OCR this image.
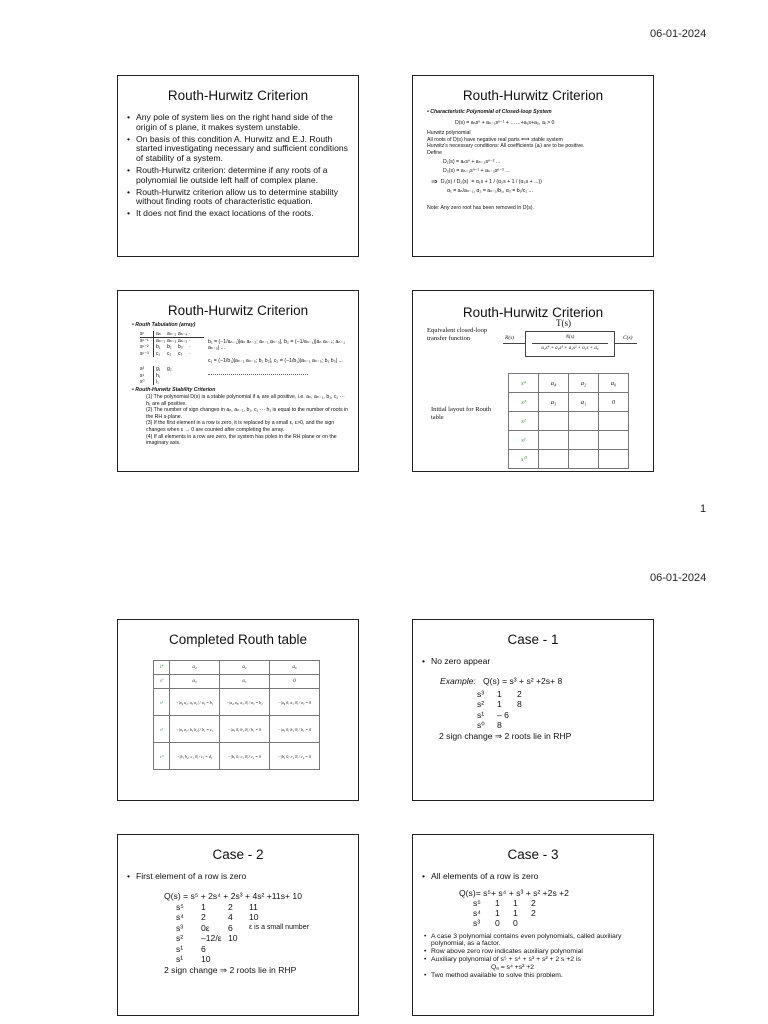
06-01-2024
Routh-Hurwitz Criterion
• Any pole of system lies on the right hand side of the origin of s plane, it makes system unstable.
• On basis of this condition A. Hurwitz and E.J. Routh started investigating necessary and sufficient conditions of stability of a system.
• Routh-Hurwitz criterion: determine if any roots of a polynomial lie outside left half of complex plane.
• Routh-Hurwitz criterion allow us to determine stability without finding roots of characteristic equation.
• It does not find the exact locations of the roots.
Routh-Hurwitz Criterion
• Characteristic Polynomial of Closed-loop System
D(s) = aₙsⁿ + aₙ₋₁sⁿ⁻¹ + ……+a₁s+a₀, aᵢ > 0
Hurwitz polynomial
All roots of D(s) have negative real parts ⟺ stable system
Hurwitz's necessary conditions: All coefficients (aᵢ) are to be positive.
Define
D₁(s) = aₙsⁿ + aₙ₋₂sⁿ⁻² ...
D₂(s) = aₙ₋₁sⁿ⁻¹ + aₙ₋₃sⁿ⁻³ ...
⇒ D₁(s) / D₂(s) = α₁s + 1 / (α₂s + 1 / (α₃s + ...))
α₁ = aₙ/aₙ₋₁, α₂ = aₙ₋₁/b₁, α₃ = b₁/c₁ ...
Note: Any zero root has been removed in D(s).
Routh-Hurwitz Criterion
• Routh Tabulation (array)
sⁿ	aₙ	aₙ₋₂ aₙ₋₄ ·
sⁿ⁻¹	aₙ₋₁ aₙ₋₃ aₙ₋₅ ·
sⁿ⁻²	b₁	b₂	b₃	·
sⁿ⁻³	c₁	c₂	c₃	·
s²	g₁	g₂
s¹	h₁
s⁰	i₁
b₁ = (−1/aₙ₋₁)|aₙ aₙ₋₂; aₙ₋₁ aₙ₋₃|, b₂ = (−1/aₙ₋₁)|aₙ aₙ₋₄; aₙ₋₁ aₙ₋₅| ...
c₁ = (−1/b₁)|aₙ₋₁ aₙ₋₃; b₁ b₂|, c₂ = (−1/b₁)|aₙ₋₁ aₙ₋₅; b₁ b₃| ...
• Routh-Hurwitz Stability Criterion
(1) The polynomial D(s) is a stable polynomial if aᵢ are all positive, i.e. aₙ, aₙ₋₁, b₁, c₁ ··· h₁ are all positive.
(2) The number of sign changes in aₙ, aₙ₋₁, b₁, c₁ ··· h₁ is equal to the number of roots in the RH s-plane.
(3) If the first element in a row is zero, it is replaced by a small ε, ε>0, and the sign changes when ε → 0 are counted after completing the array.
(4) If all elements in a row are zero, the system has poles in the RH plane or on the imaginary axis.
Routh-Hurwitz Criterion
T(s)
Equivalent closed-loop transfer function	R(s)	N(s)
a₄s⁴ + a₃s³ + a₂s² + a₁s + a₀
C(s)
Initial layout for Routh table
s⁴	a₄	a₂	a₀
s³	a₃	a₁	0
s²			
s¹			
s⁰			
1
06-01-2024
Completed Routh table
s⁴	a₄	a₂	a₀
s³	a₃	a₁	0
s²	−|a₄ a₂; a₃ a₁| / a₃ = b₁	−|a₄ a₀; a₃ 0| / a₃ = b₂	−|a₄ 0; a₃ 0| / a₃ = 0
s¹	−|a₃ a₁; b₁ b₂| / b₁ = c₁	−|a₃ 0; b₁ 0| / b₁ = 0	−|a₃ 0; b₁ 0| / b₁ = 0
s⁰	−|b₁ b₂; c₁ 0| / c₁ = d₁	−|b₁ 0; c₁ 0| / c₁ = 0	−|b₁ 0; c₁ 0| / c₁ = 0
Case - 1
• No zero appear
Example: Q(s) = s³ + s² +2s+ 8
s³	1	2
s²	1	8
s¹	– 6
s⁰	8
2 sign change ⇒ 2 roots lie in RHP
Case - 2
• First element of a row is zero
Q(s) = s⁵ + 2s⁴ + 2s³ + 4s² +11s+ 10
s⁵	1	2	11
s⁴	2	4	10
s³	0ε	6	ε is a small number
s²	–12/ε 10
s¹	6
s¹	10
2 sign change ⇒ 2 roots lie in RHP
Case - 3
• All elements of a row is zero
Q(s)= s⁵+ s⁴ + s³ + s² +2s +2
s⁵	1	1	2
s⁴	1	1	2
s³	0	0
• A case 3 polynomial contains even polynomials, called auxiliary polynomial, as a factor.
• Row above zero row indicates auxiliary polynomial
• Auxiliary polynomial of s⁵ + s⁴ + s³ + s² + 2 s +2 is
Qₐ = s⁴ +s² +2
• Two method available to solve this problem.
